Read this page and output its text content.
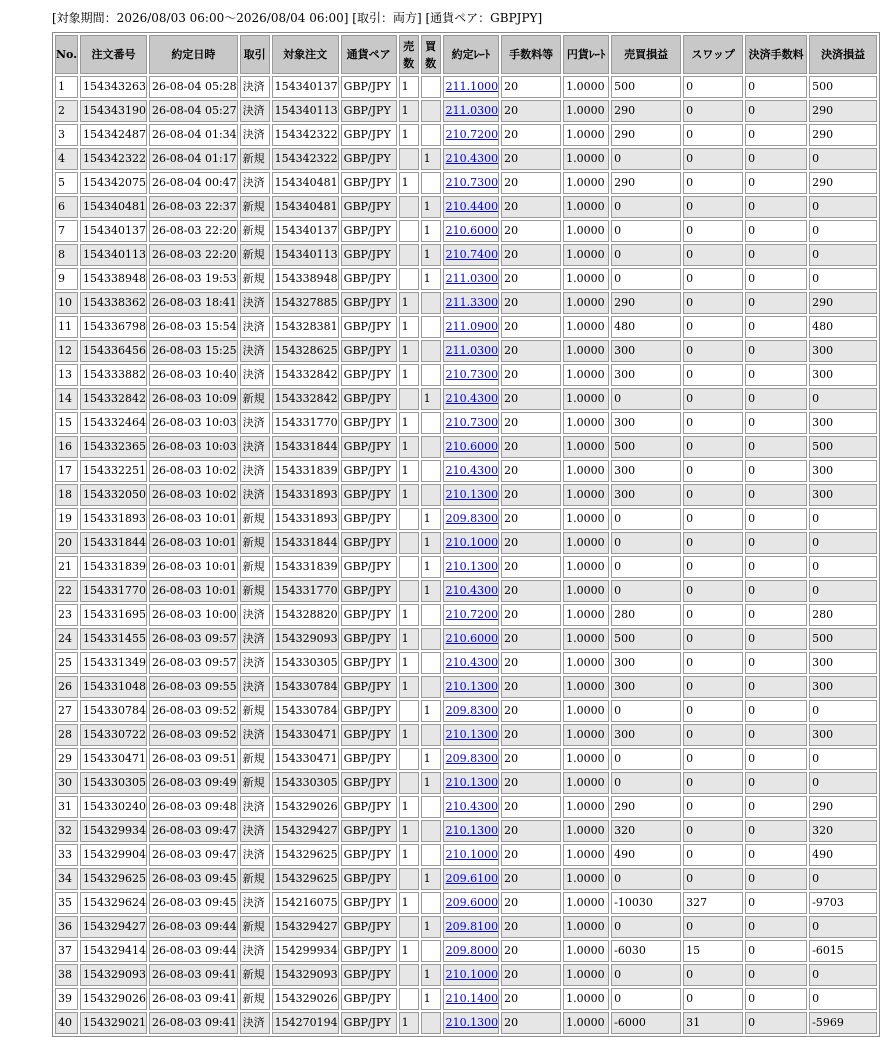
[対象期間：2026/08/03 06:00〜2026/08/04 06:00] [取引：両方] [通貨ペア：GBPJPY]
No.	注文番号	約定日時	取引	対象注文	通貨ペア	売数	買数	約定ﾚｰﾄ	手数料等	円貨ﾚｰﾄ	売買損益	スワップ	決済手数料	決済損益
1	154343263	26-08-04 05:28	決済	154340137	GBP/JPY	1		211.1000	20	1.0000	500	0	0	500
2	154343190	26-08-04 05:27	決済	154340113	GBP/JPY	1		211.0300	20	1.0000	290	0	0	290
3	154342487	26-08-04 01:34	決済	154342322	GBP/JPY	1		210.7200	20	1.0000	290	0	0	290
4	154342322	26-08-04 01:17	新規	154342322	GBP/JPY		1	210.4300	20	1.0000	0	0	0	0
5	154342075	26-08-04 00:47	決済	154340481	GBP/JPY	1		210.7300	20	1.0000	290	0	0	290
6	154340481	26-08-03 22:37	新規	154340481	GBP/JPY		1	210.4400	20	1.0000	0	0	0	0
7	154340137	26-08-03 22:20	新規	154340137	GBP/JPY		1	210.6000	20	1.0000	0	0	0	0
8	154340113	26-08-03 22:20	新規	154340113	GBP/JPY		1	210.7400	20	1.0000	0	0	0	0
9	154338948	26-08-03 19:53	新規	154338948	GBP/JPY		1	211.0300	20	1.0000	0	0	0	0
10	154338362	26-08-03 18:41	決済	154327885	GBP/JPY	1		211.3300	20	1.0000	290	0	0	290
11	154336798	26-08-03 15:54	決済	154328381	GBP/JPY	1		211.0900	20	1.0000	480	0	0	480
12	154336456	26-08-03 15:25	決済	154328625	GBP/JPY	1		211.0300	20	1.0000	300	0	0	300
13	154333882	26-08-03 10:40	決済	154332842	GBP/JPY	1		210.7300	20	1.0000	300	0	0	300
14	154332842	26-08-03 10:09	新規	154332842	GBP/JPY		1	210.4300	20	1.0000	0	0	0	0
15	154332464	26-08-03 10:03	決済	154331770	GBP/JPY	1		210.7300	20	1.0000	300	0	0	300
16	154332365	26-08-03 10:03	決済	154331844	GBP/JPY	1		210.6000	20	1.0000	500	0	0	500
17	154332251	26-08-03 10:02	決済	154331839	GBP/JPY	1		210.4300	20	1.0000	300	0	0	300
18	154332050	26-08-03 10:02	決済	154331893	GBP/JPY	1		210.1300	20	1.0000	300	0	0	300
19	154331893	26-08-03 10:01	新規	154331893	GBP/JPY		1	209.8300	20	1.0000	0	0	0	0
20	154331844	26-08-03 10:01	新規	154331844	GBP/JPY		1	210.1000	20	1.0000	0	0	0	0
21	154331839	26-08-03 10:01	新規	154331839	GBP/JPY		1	210.1300	20	1.0000	0	0	0	0
22	154331770	26-08-03 10:01	新規	154331770	GBP/JPY		1	210.4300	20	1.0000	0	0	0	0
23	154331695	26-08-03 10:00	決済	154328820	GBP/JPY	1		210.7200	20	1.0000	280	0	0	280
24	154331455	26-08-03 09:57	決済	154329093	GBP/JPY	1		210.6000	20	1.0000	500	0	0	500
25	154331349	26-08-03 09:57	決済	154330305	GBP/JPY	1		210.4300	20	1.0000	300	0	0	300
26	154331048	26-08-03 09:55	決済	154330784	GBP/JPY	1		210.1300	20	1.0000	300	0	0	300
27	154330784	26-08-03 09:52	新規	154330784	GBP/JPY		1	209.8300	20	1.0000	0	0	0	0
28	154330722	26-08-03 09:52	決済	154330471	GBP/JPY	1		210.1300	20	1.0000	300	0	0	300
29	154330471	26-08-03 09:51	新規	154330471	GBP/JPY		1	209.8300	20	1.0000	0	0	0	0
30	154330305	26-08-03 09:49	新規	154330305	GBP/JPY		1	210.1300	20	1.0000	0	0	0	0
31	154330240	26-08-03 09:48	決済	154329026	GBP/JPY	1		210.4300	20	1.0000	290	0	0	290
32	154329934	26-08-03 09:47	決済	154329427	GBP/JPY	1		210.1300	20	1.0000	320	0	0	320
33	154329904	26-08-03 09:47	決済	154329625	GBP/JPY	1		210.1000	20	1.0000	490	0	0	490
34	154329625	26-08-03 09:45	新規	154329625	GBP/JPY		1	209.6100	20	1.0000	0	0	0	0
35	154329624	26-08-03 09:45	決済	154216075	GBP/JPY	1		209.6000	20	1.0000	-10030	327	0	-9703
36	154329427	26-08-03 09:44	新規	154329427	GBP/JPY		1	209.8100	20	1.0000	0	0	0	0
37	154329414	26-08-03 09:44	決済	154299934	GBP/JPY	1		209.8000	20	1.0000	-6030	15	0	-6015
38	154329093	26-08-03 09:41	新規	154329093	GBP/JPY		1	210.1000	20	1.0000	0	0	0	0
39	154329026	26-08-03 09:41	新規	154329026	GBP/JPY		1	210.1400	20	1.0000	0	0	0	0
40	154329021	26-08-03 09:41	決済	154270194	GBP/JPY	1		210.1300	20	1.0000	-6000	31	0	-5969
